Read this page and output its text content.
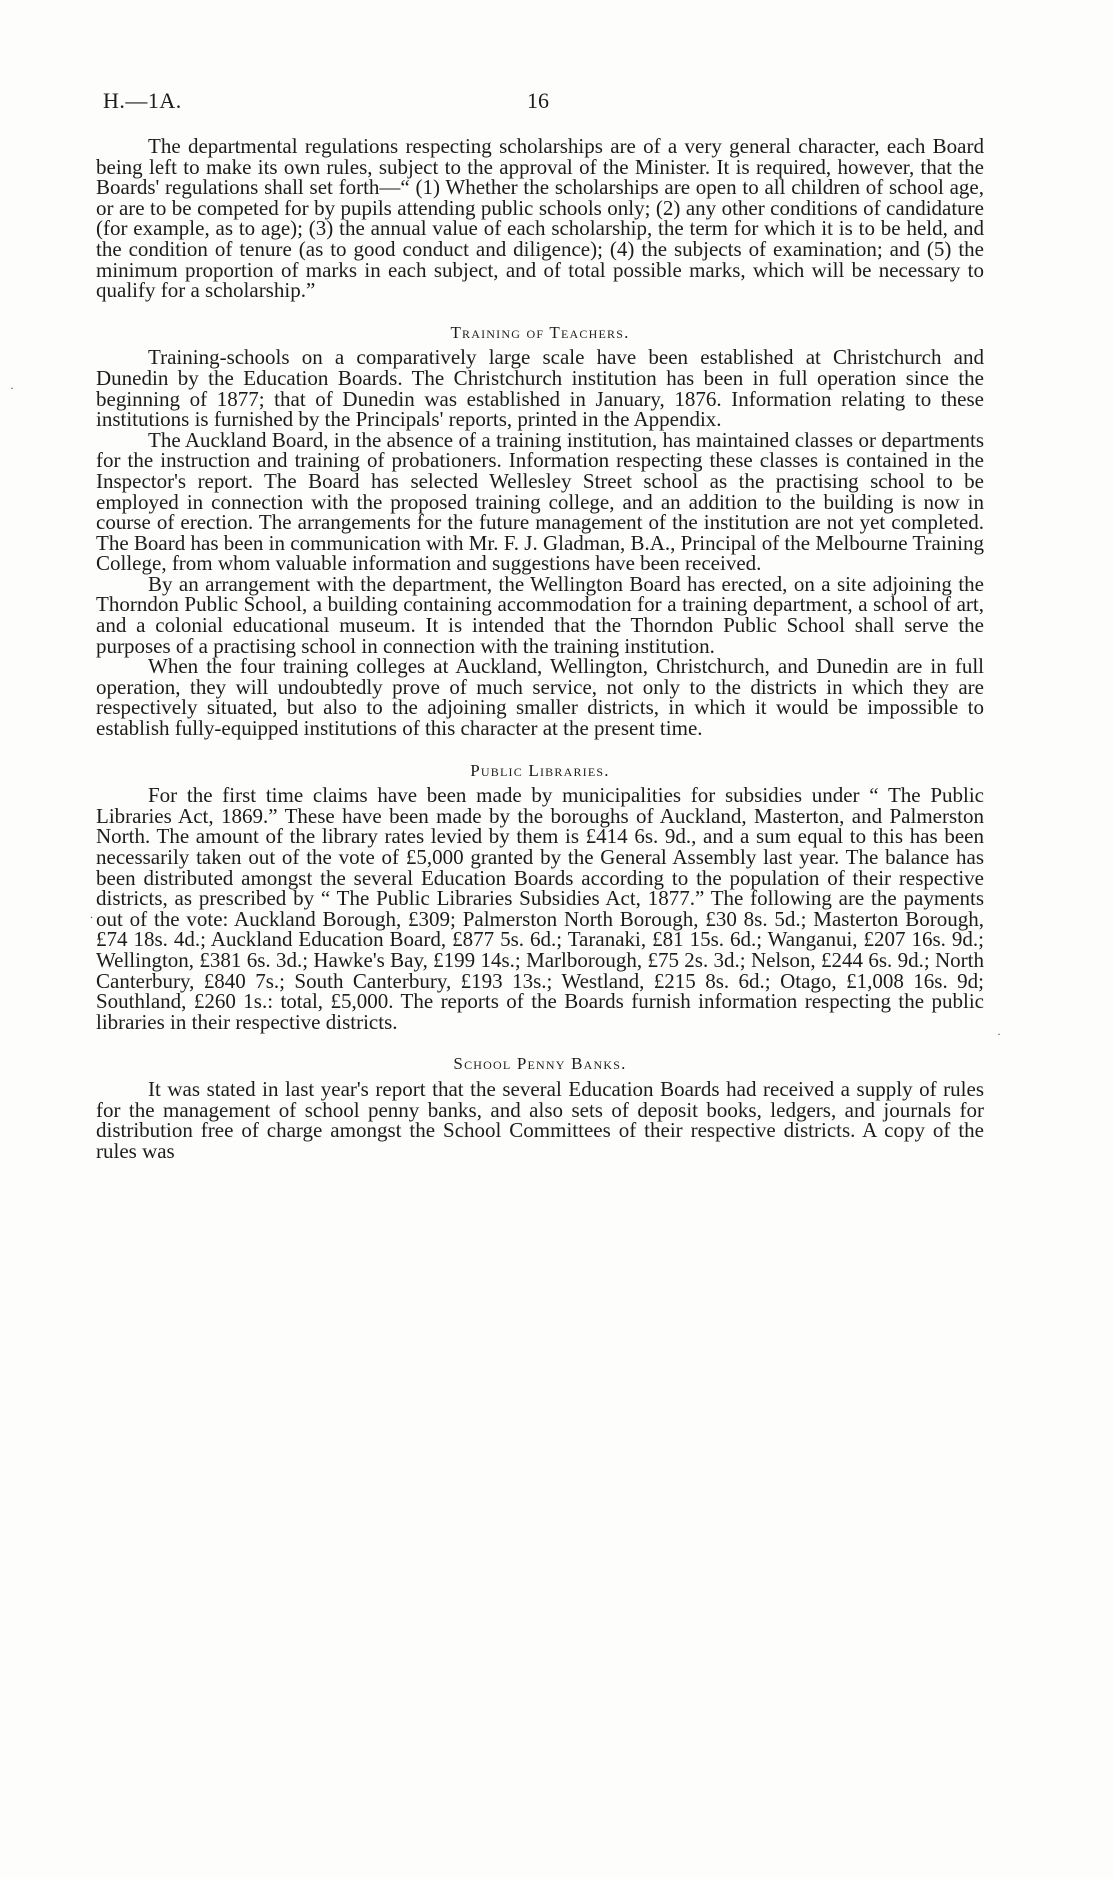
H.—1A.	16

The departmental regulations respecting scholarships are of a very general character, each Board being left to make its own rules, subject to the approval of the Minister. It is required, however, that the Boards' regulations shall set forth—“ (1) Whether the scholarships are open to all children of school age, or are to be competed for by pupils attending public schools only; (2) any other conditions of candidature (for example, as to age); (3) the annual value of each scholarship, the term for which it is to be held, and the condition of tenure (as to good conduct and diligence); (4) the subjects of examination; and (5) the minimum proportion of marks in each subject, and of total possible marks, which will be necessary to qualify for a scholarship.”

Training of Teachers.

Training-schools on a comparatively large scale have been established at Christchurch and Dunedin by the Education Boards. The Christchurch institution has been in full operation since the beginning of 1877; that of Dunedin was established in January, 1876. Information relating to these institutions is furnished by the Principals' reports, printed in the Appendix.

The Auckland Board, in the absence of a training institution, has maintained classes or departments for the instruction and training of probationers. Information respecting these classes is contained in the Inspector's report. The Board has selected Wellesley Street school as the practising school to be employed in connection with the proposed training college, and an addition to the building is now in course of erection. The arrangements for the future management of the institution are not yet completed. The Board has been in communication with Mr. F. J. Gladman, B.A., Principal of the Melbourne Training College, from whom valuable information and suggestions have been received.

By an arrangement with the department, the Wellington Board has erected, on a site adjoining the Thorndon Public School, a building containing accommodation for a training department, a school of art, and a colonial educational museum. It is intended that the Thorndon Public School shall serve the purposes of a practising school in connection with the training institution.

When the four training colleges at Auckland, Wellington, Christchurch, and Dunedin are in full operation, they will undoubtedly prove of much service, not only to the districts in which they are respectively situated, but also to the adjoining smaller districts, in which it would be impossible to establish fully-equipped institutions of this character at the present time.

Public Libraries.

For the first time claims have been made by municipalities for subsidies under “ The Public Libraries Act, 1869.” These have been made by the boroughs of Auckland, Masterton, and Palmerston North. The amount of the library rates levied by them is £414 6s. 9d., and a sum equal to this has been necessarily taken out of the vote of £5,000 granted by the General Assembly last year. The balance has been distributed amongst the several Education Boards according to the population of their respective districts, as prescribed by “ The Public Libraries Subsidies Act, 1877.” The following are the payments out of the vote: Auckland Borough, £309; Palmerston North Borough, £30 8s. 5d.; Masterton Borough, £74 18s. 4d.; Auckland Education Board, £877 5s. 6d.; Taranaki, £81 15s. 6d.; Wanganui, £207 16s. 9d.; Wellington, £381 6s. 3d.; Hawke's Bay, £199 14s.; Marlborough, £75 2s. 3d.; Nelson, £244 6s. 9d.; North Canterbury, £840 7s.; South Canterbury, £193 13s.; Westland, £215 8s. 6d.; Otago, £1,008 16s. 9d; Southland, £260 1s.: total, £5,000. The reports of the Boards furnish information respecting the public libraries in their respective districts.

School Penny Banks.

It was stated in last year's report that the several Education Boards had received a supply of rules for the management of school penny banks, and also sets of deposit books, ledgers, and journals for distribution free of charge amongst the School Committees of their respective districts. A copy of the rules was

·
.
·
